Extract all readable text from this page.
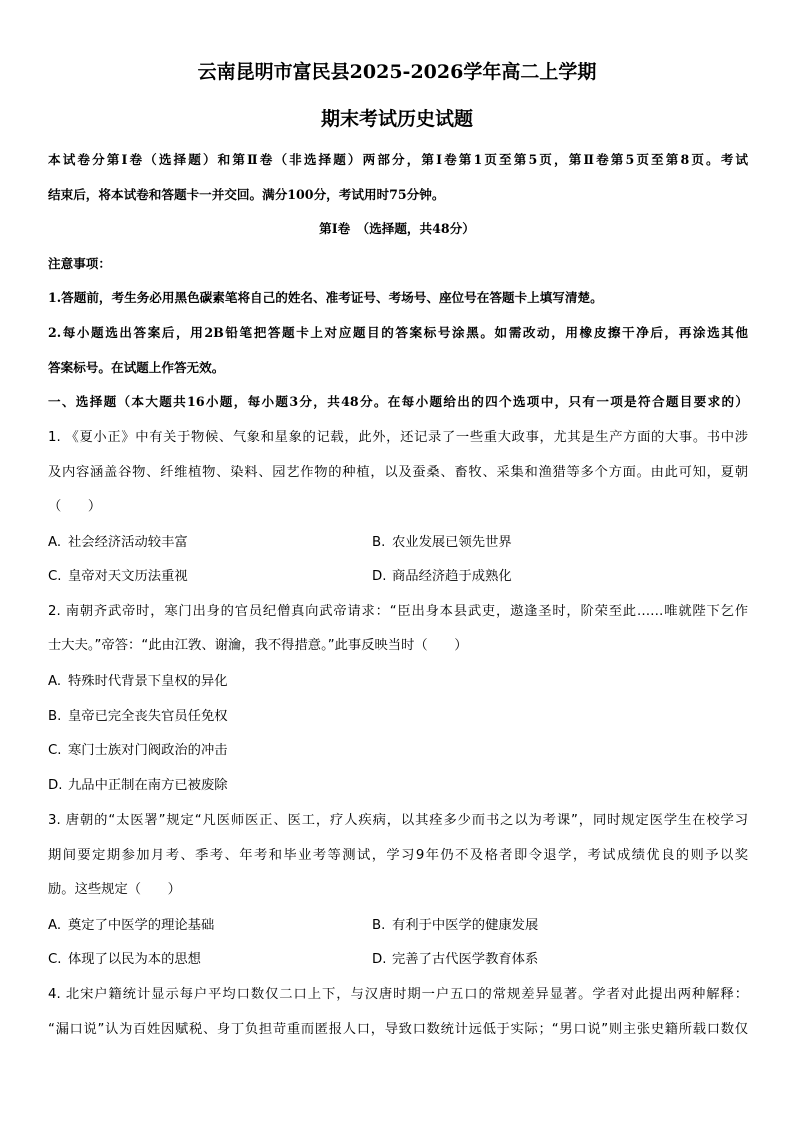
云南昆明市富民县2025-2026学年高二上学期
期末考试历史试题
本试卷分第Ⅰ卷（选择题）和第Ⅱ卷（非选择题）两部分，第Ⅰ卷第1页至第5页，第Ⅱ卷第5页至第8页。考试
结束后，将本试卷和答题卡一并交回。满分100分，考试用时75分钟。
第Ⅰ卷　（选择题，共48分）
注意事项：
1.答题前，考生务必用黑色碳素笔将自己的姓名、准考证号、考场号、座位号在答题卡上填写清楚。
2.每小题选出答案后，用2B铅笔把答题卡上对应题目的答案标号涂黑。如需改动，用橡皮擦干净后，再涂选其他
答案标号。在试题上作答无效。
一、选择题（本大题共16小题，每小题3分，共48分。在每小题给出的四个选项中，只有一项是符合题目要求的）
1. 《夏小正》中有关于物候、气象和星象的记载，此外，还记录了一些重大政事，尤其是生产方面的大事。书中涉
及内容涵盖谷物、纤维植物、染料、园艺作物的种植，以及蚕桑、畜牧、采集和渔猎等多个方面。由此可知，夏朝
（　　）
A. 社会经济活动较丰富	B. 农业发展已领先世界
C. 皇帝对天文历法重视	D. 商品经济趋于成熟化
2. 南朝齐武帝时，寒门出身的官员纪僧真向武帝请求：“臣出身本县武吏，遨逢圣时，阶荣至此……唯就陛下乞作
士大夫。”帝答：“此由江敩、谢瀹，我不得措意。”此事反映当时（　　）
A. 特殊时代背景下皇权的异化
B. 皇帝已完全丧失官员任免权
C. 寒门士族对门阀政治的冲击
D. 九品中正制在南方已被废除
3. 唐朝的“太医署”规定“凡医师医正、医工，疗人疾病，以其痊多少而书之以为考课”，同时规定医学生在校学习
期间要定期参加月考、季考、年考和毕业考等测试，学习9年仍不及格者即令退学，考试成绩优良的则予以奖
励。这些规定（　　）
A. 奠定了中医学的理论基础	B. 有利于中医学的健康发展
C. 体现了以民为本的思想	D. 完善了古代医学教育体系
4. 北宋户籍统计显示每户平均口数仅二口上下，与汉唐时期一户五口的常规差异显著。学者对此提出两种解释：
“漏口说”认为百姓因赋税、身丁负担苛重而匿报人口，导致口数统计远低于实际；“男口说”则主张史籍所载口数仅
